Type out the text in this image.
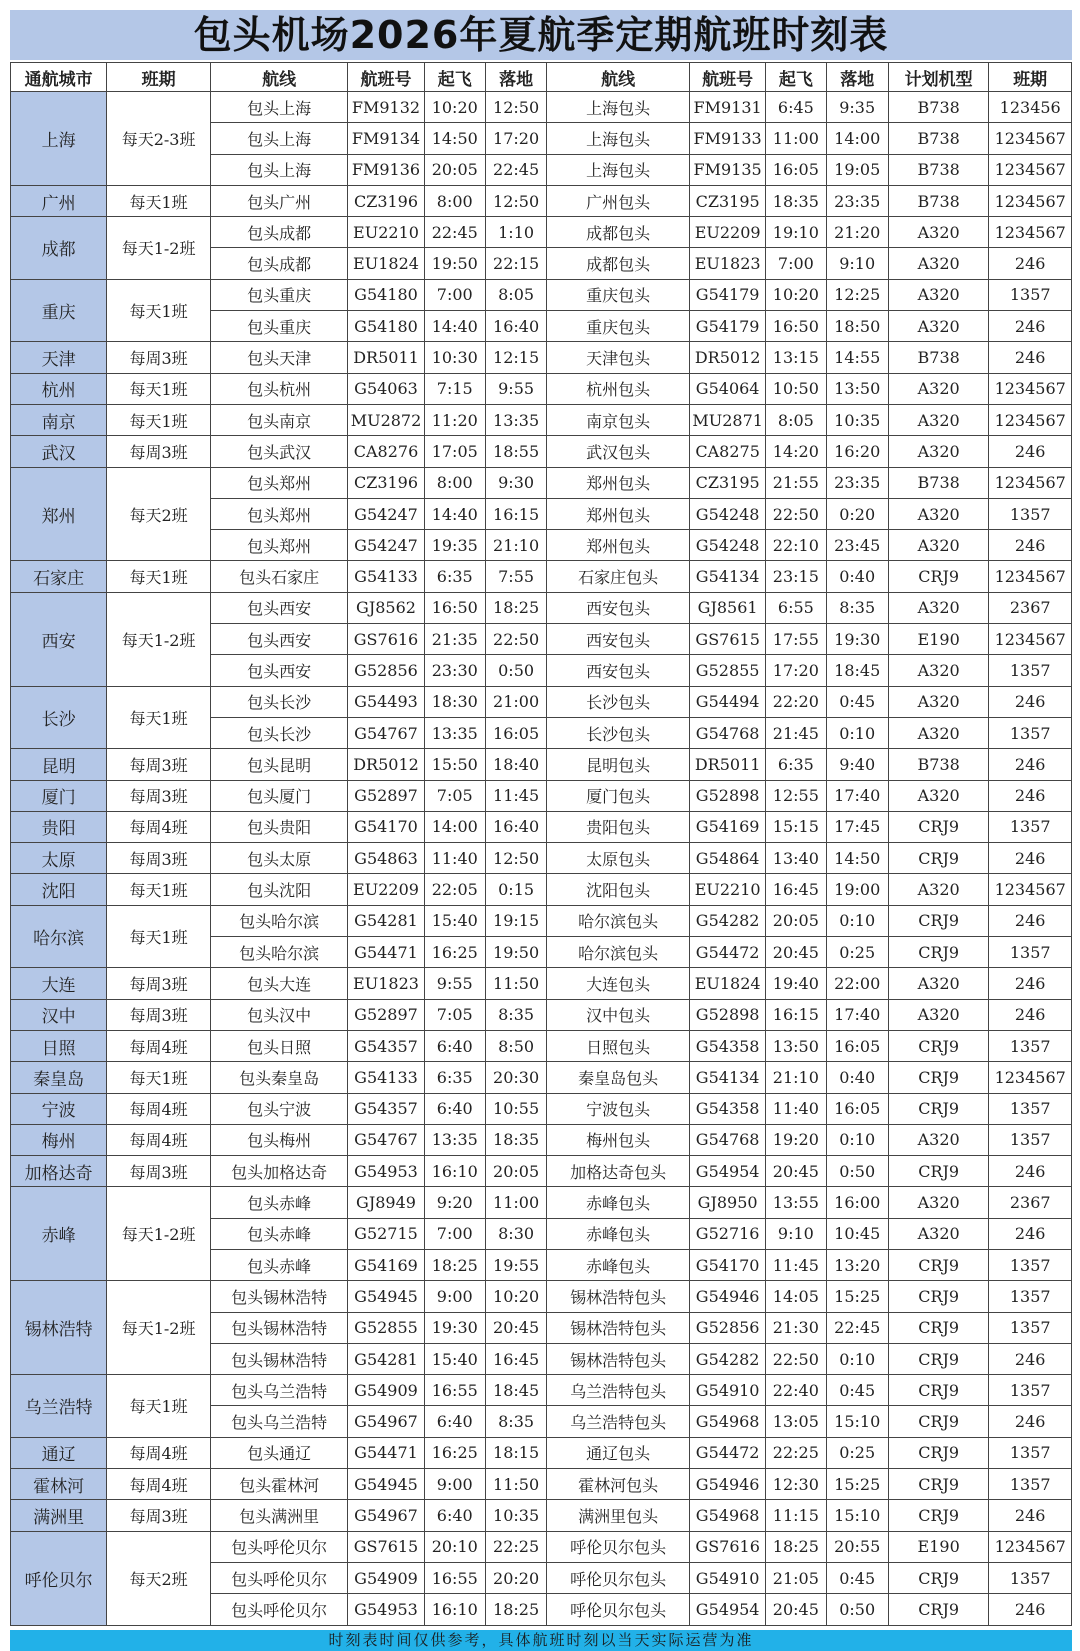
包头机场2026年夏航季定期航班时刻表
通航城市	班期	航线	航班号	起飞	落地	航线	航班号	起飞	落地	计划机型	班期
上海	每天2-3班	包头上海	FM9132	10:20	12:50	上海包头	FM9131	6:45	9:35	B738	123456
		包头上海	FM9134	14:50	17:20	上海包头	FM9133	11:00	14:00	B738	1234567
		包头上海	FM9136	20:05	22:45	上海包头	FM9135	16:05	19:05	B738	1234567
广州	每天1班	包头广州	CZ3196	8:00	12:50	广州包头	CZ3195	18:35	23:35	B738	1234567
成都	每天1-2班	包头成都	EU2210	22:45	1:10	成都包头	EU2209	19:10	21:20	A320	1234567
		包头成都	EU1824	19:50	22:15	成都包头	EU1823	7:00	9:10	A320	246
重庆	每天1班	包头重庆	G54180	7:00	8:05	重庆包头	G54179	10:20	12:25	A320	1357
		包头重庆	G54180	14:40	16:40	重庆包头	G54179	16:50	18:50	A320	246
天津	每周3班	包头天津	DR5011	10:30	12:15	天津包头	DR5012	13:15	14:55	B738	246
杭州	每天1班	包头杭州	G54063	7:15	9:55	杭州包头	G54064	10:50	13:50	A320	1234567
南京	每天1班	包头南京	MU2872	11:20	13:35	南京包头	MU2871	8:05	10:35	A320	1234567
武汉	每周3班	包头武汉	CA8276	17:05	18:55	武汉包头	CA8275	14:20	16:20	A320	246
郑州	每天2班	包头郑州	CZ3196	8:00	9:30	郑州包头	CZ3195	21:55	23:35	B738	1234567
		包头郑州	G54247	14:40	16:15	郑州包头	G54248	22:50	0:20	A320	1357
		包头郑州	G54247	19:35	21:10	郑州包头	G54248	22:10	23:45	A320	246
石家庄	每天1班	包头石家庄	G54133	6:35	7:55	石家庄包头	G54134	23:15	0:40	CRJ9	1234567
西安	每天1-2班	包头西安	GJ8562	16:50	18:25	西安包头	GJ8561	6:55	8:35	A320	2367
		包头西安	GS7616	21:35	22:50	西安包头	GS7615	17:55	19:30	E190	1234567
		包头西安	G52856	23:30	0:50	西安包头	G52855	17:20	18:45	A320	1357
长沙	每天1班	包头长沙	G54493	18:30	21:00	长沙包头	G54494	22:20	0:45	A320	246
		包头长沙	G54767	13:35	16:05	长沙包头	G54768	21:45	0:10	A320	1357
昆明	每周3班	包头昆明	DR5012	15:50	18:40	昆明包头	DR5011	6:35	9:40	B738	246
厦门	每周3班	包头厦门	G52897	7:05	11:45	厦门包头	G52898	12:55	17:40	A320	246
贵阳	每周4班	包头贵阳	G54170	14:00	16:40	贵阳包头	G54169	15:15	17:45	CRJ9	1357
太原	每周3班	包头太原	G54863	11:40	12:50	太原包头	G54864	13:40	14:50	CRJ9	246
沈阳	每天1班	包头沈阳	EU2209	22:05	0:15	沈阳包头	EU2210	16:45	19:00	A320	1234567
哈尔滨	每天1班	包头哈尔滨	G54281	15:40	19:15	哈尔滨包头	G54282	20:05	0:10	CRJ9	246
		包头哈尔滨	G54471	16:25	19:50	哈尔滨包头	G54472	20:45	0:25	CRJ9	1357
大连	每周3班	包头大连	EU1823	9:55	11:50	大连包头	EU1824	19:40	22:00	A320	246
汉中	每周3班	包头汉中	G52897	7:05	8:35	汉中包头	G52898	16:15	17:40	A320	246
日照	每周4班	包头日照	G54357	6:40	8:50	日照包头	G54358	13:50	16:05	CRJ9	1357
秦皇岛	每天1班	包头秦皇岛	G54133	6:35	20:30	秦皇岛包头	G54134	21:10	0:40	CRJ9	1234567
宁波	每周4班	包头宁波	G54357	6:40	10:55	宁波包头	G54358	11:40	16:05	CRJ9	1357
梅州	每周4班	包头梅州	G54767	13:35	18:35	梅州包头	G54768	19:20	0:10	A320	1357
加格达奇	每周3班	包头加格达奇	G54953	16:10	20:05	加格达奇包头	G54954	20:45	0:50	CRJ9	246
赤峰	每天1-2班	包头赤峰	GJ8949	9:20	11:00	赤峰包头	GJ8950	13:55	16:00	A320	2367
		包头赤峰	G52715	7:00	8:30	赤峰包头	G52716	9:10	10:45	A320	246
		包头赤峰	G54169	18:25	19:55	赤峰包头	G54170	11:45	13:20	CRJ9	1357
锡林浩特	每天1-2班	包头锡林浩特	G54945	9:00	10:20	锡林浩特包头	G54946	14:05	15:25	CRJ9	1357
		包头锡林浩特	G52855	19:30	20:45	锡林浩特包头	G52856	21:30	22:45	CRJ9	1357
		包头锡林浩特	G54281	15:40	16:45	锡林浩特包头	G54282	22:50	0:10	CRJ9	246
乌兰浩特	每天1班	包头乌兰浩特	G54909	16:55	18:45	乌兰浩特包头	G54910	22:40	0:45	CRJ9	1357
		包头乌兰浩特	G54967	6:40	8:35	乌兰浩特包头	G54968	13:05	15:10	CRJ9	246
通辽	每周4班	包头通辽	G54471	16:25	18:15	通辽包头	G54472	22:25	0:25	CRJ9	1357
霍林河	每周4班	包头霍林河	G54945	9:00	11:50	霍林河包头	G54946	12:30	15:25	CRJ9	1357
满洲里	每周3班	包头满洲里	G54967	6:40	10:35	满洲里包头	G54968	11:15	15:10	CRJ9	246
呼伦贝尔	每天2班	包头呼伦贝尔	GS7615	20:10	22:25	呼伦贝尔包头	GS7616	18:25	20:55	E190	1234567
		包头呼伦贝尔	G54909	16:55	20:20	呼伦贝尔包头	G54910	21:05	0:45	CRJ9	1357
		包头呼伦贝尔	G54953	16:10	18:25	呼伦贝尔包头	G54954	20:45	0:50	CRJ9	246
时刻表时间仅供参考，具体航班时刻以当天实际运营为准
